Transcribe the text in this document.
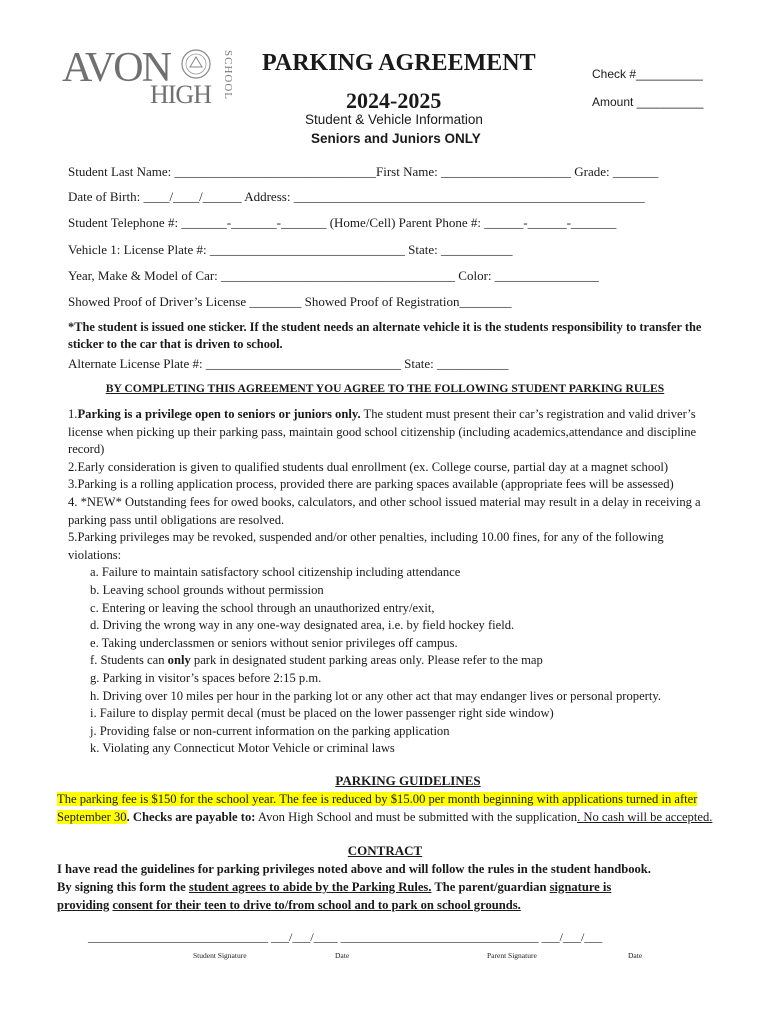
AVON
HIGH SCHOOL PARKING AGREEMENT
2024-2025
Student & Vehicle Information
Seniors and Juniors ONLY
Check #__________
Amount __________
Student Last Name: _______________________________First Name: ____________________ Grade: _______
Date of Birth: ____/____/______ Address: ______________________________________________________
Student Telephone #: _______-_______-_______ (Home/Cell) Parent Phone #: ______-______-_______
Vehicle 1: License Plate #: ______________________________ State: ___________
Year, Make & Model of Car: ____________________________________ Color: ________________
Showed Proof of Driver’s License ________ Showed Proof of Registration________
*The student is issued one sticker. If the student needs an alternate vehicle it is the students responsibility to transfer the sticker to the car that is driven to school.
Alternate License Plate #: ______________________________ State: ___________
BY COMPLETING THIS AGREEMENT YOU AGREE TO THE FOLLOWING STUDENT PARKING RULES

1.Parking is a privilege open to seniors or juniors only. The student must present their car’s registration and valid driver’s license when picking up their parking pass, maintain good school citizenship (including academics,attendance and discipline record)

2.Early consideration is given to qualified students dual enrollment (ex. College course, partial day at a magnet school)

3.Parking is a rolling application process, provided there are parking spaces available (appropriate fees will be assessed)

4. *NEW* Outstanding fees for owed books, calculators, and other school issued material may result in a delay in receiving a parking pass until obligations are resolved.

5.Parking privileges may be revoked, suspended and/or other penalties, including 10.00 fines, for any of the following violations:

a. Failure to maintain satisfactory school citizenship including attendance

b. Leaving school grounds without permission

c. Entering or leaving the school through an unauthorized entry/exit,

d. Driving the wrong way in any one-way designated area, i.e. by field hockey field.

e. Taking underclassmen or seniors without senior privileges off campus.

f. Students can only park in designated student parking areas only. Please refer to the map

g. Parking in visitor’s spaces before 2:15 p.m.

h. Driving over 10 miles per hour in the parking lot or any other act that may endanger lives or personal property.

i. Failure to display permit decal (must be placed on the lower passenger right side window)

j. Providing false or non-current information on the parking application

k. Violating any Connecticut Motor Vehicle or criminal laws

PARKING GUIDELINES
The parking fee is $150 for the school year. The fee is reduced by $15.00 per month beginning with applications turned in after September 30. Checks are payable to: Avon High School and must be submitted with the supplication. No cash will be accepted.
CONTRACT
I have read the guidelines for parking privileges noted above and will follow the rules in the student handbook.
By signing this form the student agrees to abide by the Parking Rules. The parent/guardian signature is
providing consent for their teen to drive to/from school and to park on school grounds.
______________________________ ___/___/____ _________________________________ ___/___/___
Student Signature	Date	Parent Signature	Date
